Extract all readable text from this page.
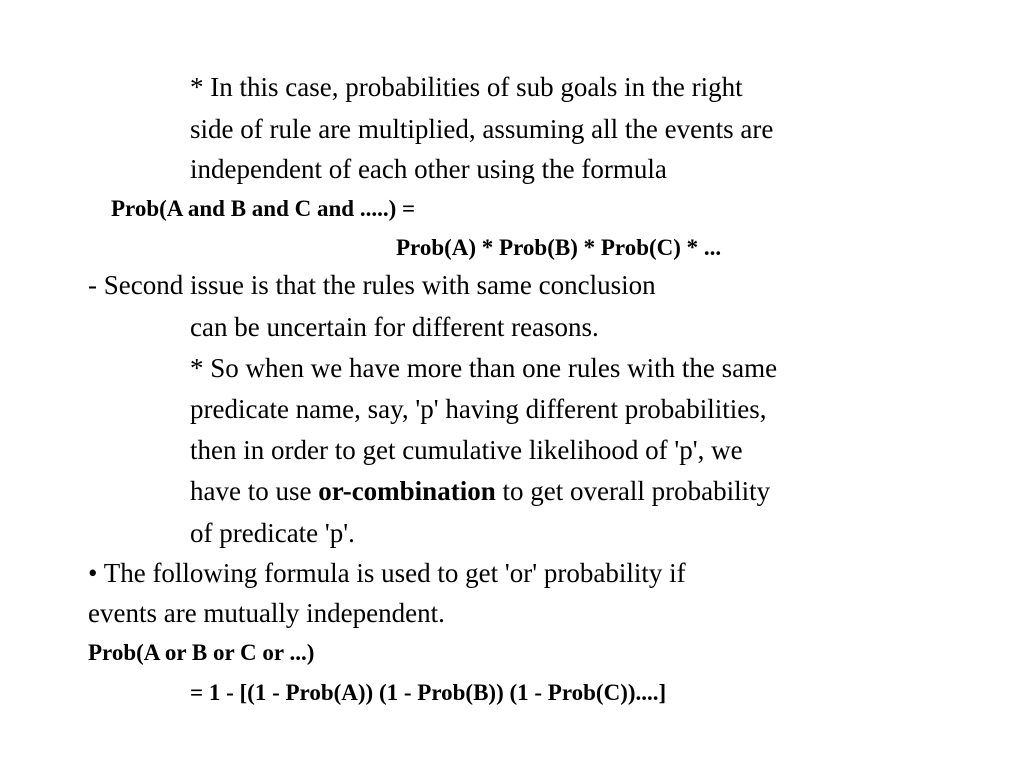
* In this case, probabilities of sub goals in the right
side of rule are multiplied, assuming all the events are
independent of each other using the formula
Prob(A and B and C and .....) =
Prob(A) * Prob(B) * Prob(C) * ...
- Second issue is that the rules with same conclusion
can be uncertain for different reasons.
* So when we have more than one rules with the same
predicate name, say, 'p' having different probabilities,
then in order to get cumulative likelihood of 'p', we
have to use or-combination to get overall probability
of predicate 'p'.
• The following formula is used to get 'or' probability if
events are mutually independent.
Prob(A or B or C or ...)
= 1 - [(1 - Prob(A)) (1 - Prob(B)) (1 - Prob(C))....]
